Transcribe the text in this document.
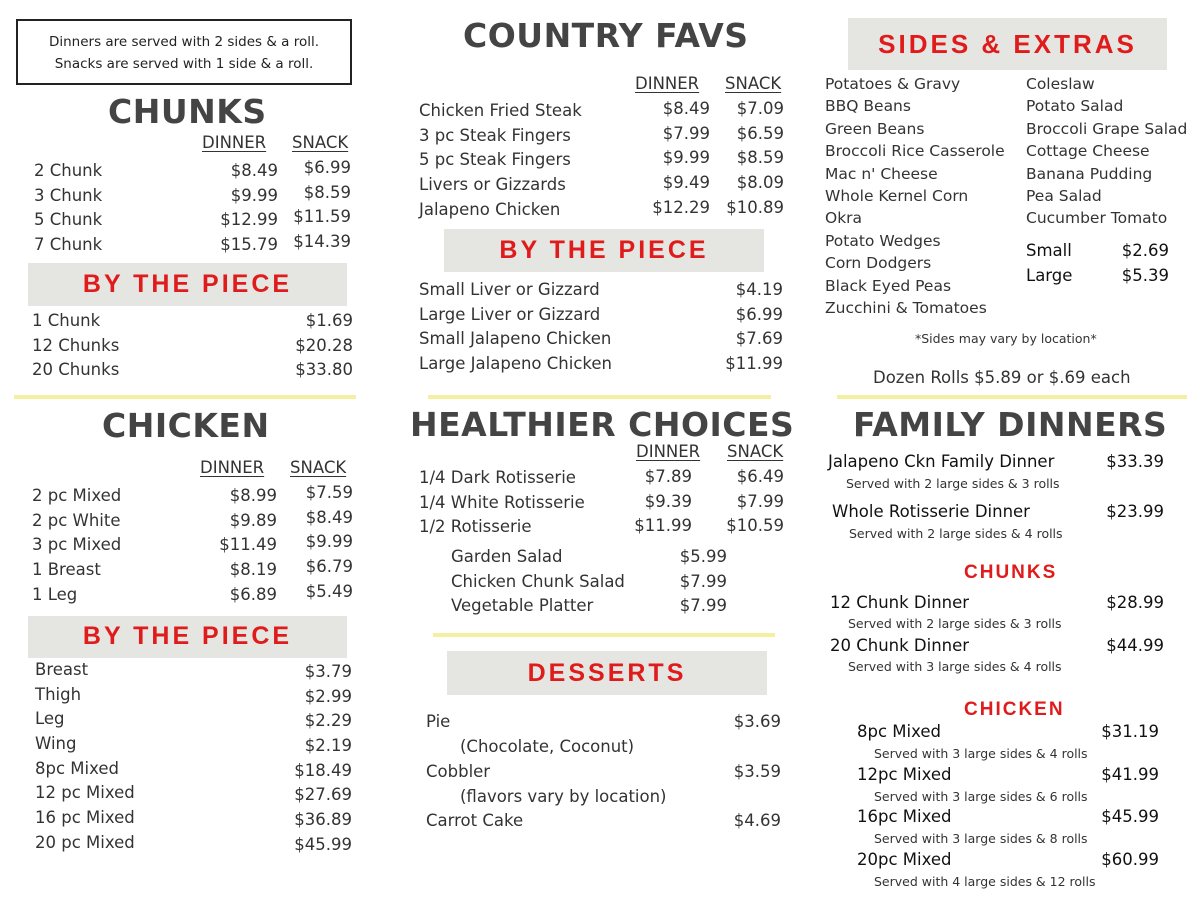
Dinners are served with 2 sides & a roll.
Snacks are served with 1 side & a roll.
CHUNKS
DINNER SNACK
2 Chunk	$8.49 $6.99
3 Chunk	$9.99 $8.59
5 Chunk	$12.99 $11.59
7 Chunk	$15.79 $14.39
BY THE PIECE
1 Chunk	$1.69
12 Chunks	$20.28
20 Chunks	$33.80
CHICKEN
DINNER SNACK
2 pc Mixed	$8.99 $7.59
2 pc White	$9.89 $8.49
3 pc Mixed	$11.49 $9.99
1 Breast	$8.19 $6.79
1 Leg	$6.89 $5.49
BY THE PIECE
Breast	$3.79
Thigh	$2.99
Leg	$2.29
Wing	$2.19
8pc Mixed	$18.49
12 pc Mixed	$27.69
16 pc Mixed	$36.89
20 pc Mixed	$45.99
COUNTRY FAVS
DINNER SNACK
Chicken Fried Steak	$8.49 $7.09
3 pc Steak Fingers	$7.99 $6.59
5 pc Steak Fingers	$9.99 $8.59
Livers or Gizzards	$9.49 $8.09
Jalapeno Chicken	$12.29 $10.89
BY THE PIECE
Small Liver or Gizzard	$4.19
Large Liver or Gizzard	$6.99
Small Jalapeno Chicken	$7.69
Large Jalapeno Chicken	$11.99
HEALTHIER CHOICES
DINNER SNACK
1/4 Dark Rotisserie	$7.89	$6.49
1/4 White Rotisserie	$9.39	$7.99
1/2 Rotisserie	$11.99 $10.59
Garden Salad	$5.99
Chicken Chunk Salad	$7.99
Vegetable Platter	$7.99
DESSERTS
Pie	$3.69
(Chocolate, Coconut)
Cobbler	$3.59
(flavors vary by location)
Carrot Cake	$4.69
SIDES & EXTRAS
Potatoes & Gravy
BBQ Beans
Green Beans
Broccoli Rice Casserole
Mac n' Cheese
Whole Kernel Corn
Okra
Potato Wedges
Corn Dodgers
Black Eyed Peas
Zucchini & Tomatoes
Coleslaw
Potato Salad
Broccoli Grape Salad
Cottage Cheese
Banana Pudding
Pea Salad
Cucumber Tomato
Small	$2.69
Large	$5.39
*Sides may vary by location*
Dozen Rolls $5.89 or $.69 each
FAMILY DINNERS
Jalapeno Ckn Family Dinner	$33.39
Served with 2 large sides & 3 rolls
Whole Rotisserie Dinner	$23.99
Served with 2 large sides & 4 rolls
CHUNKS
12 Chunk Dinner	$28.99
Served with 2 large sides & 3 rolls
20 Chunk Dinner	$44.99
Served with 3 large sides & 4 rolls
CHICKEN
8pc Mixed	$31.19
Served with 3 large sides & 4 rolls
12pc Mixed	$41.99
Served with 3 large sides & 6 rolls
16pc Mixed	$45.99
Served with 3 large sides & 8 rolls
20pc Mixed	$60.99
Served with 4 large sides & 12 rolls
